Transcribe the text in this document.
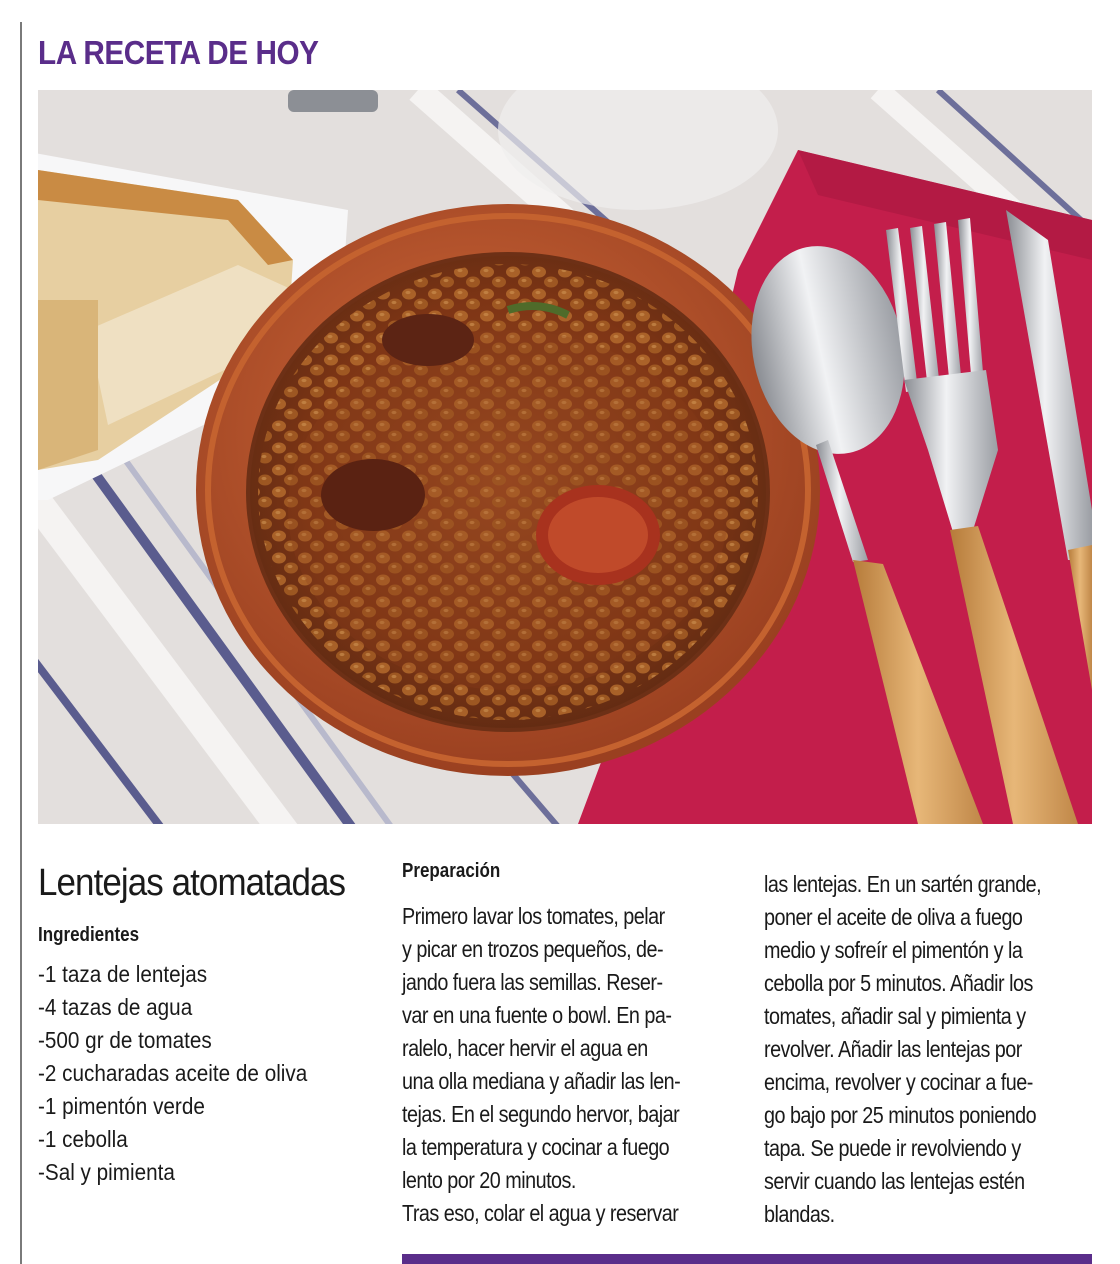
LA RECETA DE HOY
Lentejas atomatadas
Ingredientes
-1 taza de lentejas
-4 tazas de agua
-500 gr de tomates
-2 cucharadas aceite de oliva
-1 pimentón verde
-1 cebolla
-Sal y pimienta
Preparación
Primero lavar los tomates, pelar
y picar en trozos pequeños, de-
jando fuera las semillas. Reser-
var en una fuente o bowl. En pa-
ralelo, hacer hervir el agua en
una olla mediana y añadir las len-
tejas. En el segundo hervor, bajar
la temperatura y cocinar a fuego
lento por 20 minutos.
Tras eso, colar el agua y reservar
las lentejas. En un sartén grande,
poner el aceite de oliva a fuego
medio y sofreír el pimentón y la
cebolla por 5 minutos. Añadir los
tomates, añadir sal y pimienta y
revolver. Añadir las lentejas por
encima, revolver y cocinar a fue-
go bajo por 25 minutos poniendo
tapa. Se puede ir revolviendo y
servir cuando las lentejas estén
blandas.
